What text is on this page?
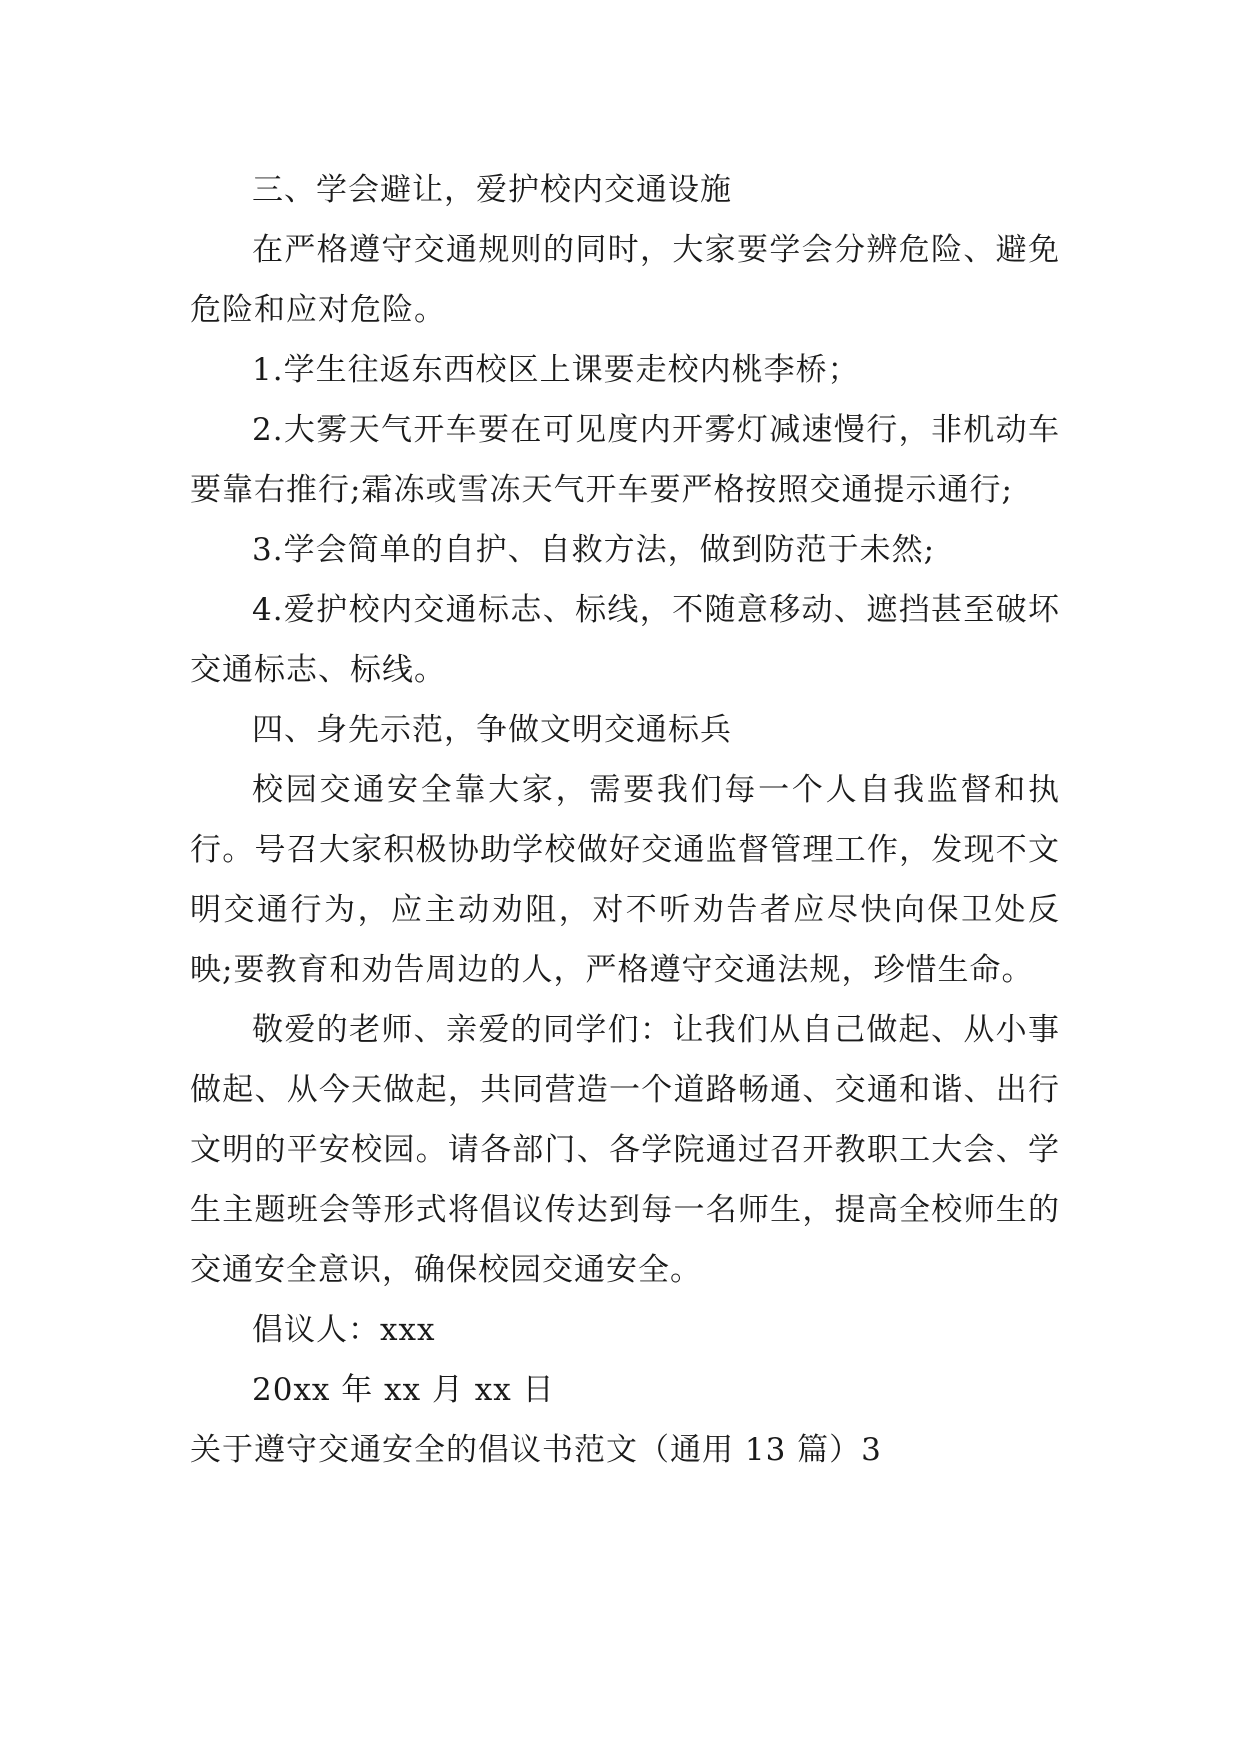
三、学会避让，爱护校内交通设施

在严格遵守交通规则的同时，大家要学会分辨危险、避免危险和应对危险。

1.学生往返东西校区上课要走校内桃李桥；

2.大雾天气开车要在可见度内开雾灯减速慢行，非机动车要靠右推行;霜冻或雪冻天气开车要严格按照交通提示通行;

3.学会简单的自护、自救方法，做到防范于未然;

4.爱护校内交通标志、标线，不随意移动、遮挡甚至破坏交通标志、标线。

四、身先示范，争做文明交通标兵

校园交通安全靠大家，需要我们每一个人自我监督和执行。号召大家积极协助学校做好交通监督管理工作，发现不文明交通行为，应主动劝阻，对不听劝告者应尽快向保卫处反映;要教育和劝告周边的人，严格遵守交通法规，珍惜生命。

敬爱的老师、亲爱的同学们：让我们从自己做起、从小事做起、从今天做起，共同营造一个道路畅通、交通和谐、出行文明的平安校园。请各部门、各学院通过召开教职工大会、学生主题班会等形式将倡议传达到每一名师生，提高全校师生的交通安全意识，确保校园交通安全。

倡议人：xxx

20xx 年 xx 月 xx 日

关于遵守交通安全的倡议书范文（通用 13 篇）3
